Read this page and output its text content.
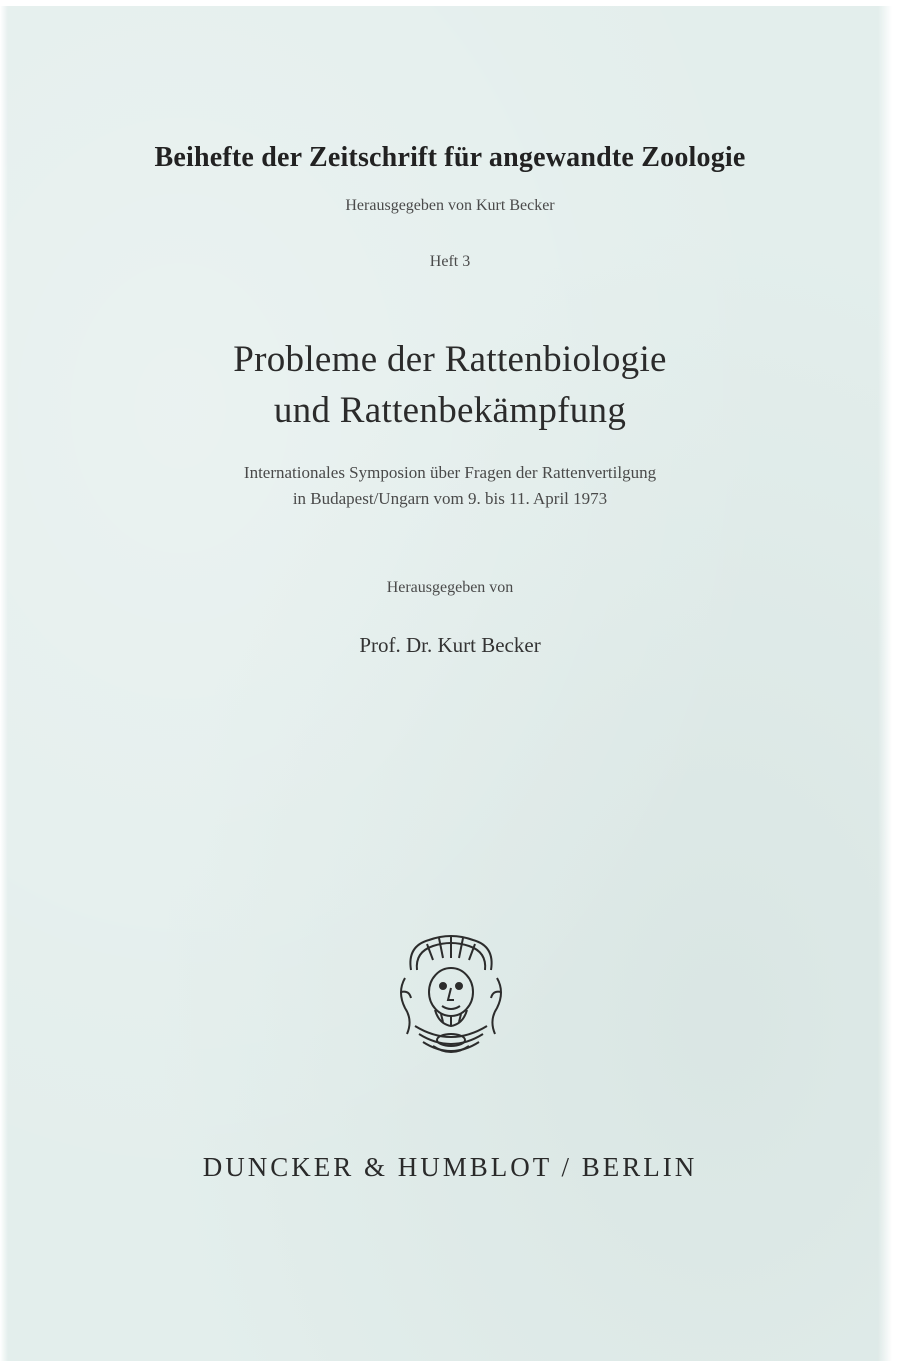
Beihefte der Zeitschrift für angewandte Zoologie
Herausgegeben von Kurt Becker
Heft 3
Probleme der Rattenbiologie
und Rattenbekämpfung
Internationales Symposion über Fragen der Rattenvertilgung
in Budapest/Ungarn vom 9. bis 11. April 1973
Herausgegeben von
Prof. Dr. Kurt Becker
DUNCKER & HUMBLOT / BERLIN
